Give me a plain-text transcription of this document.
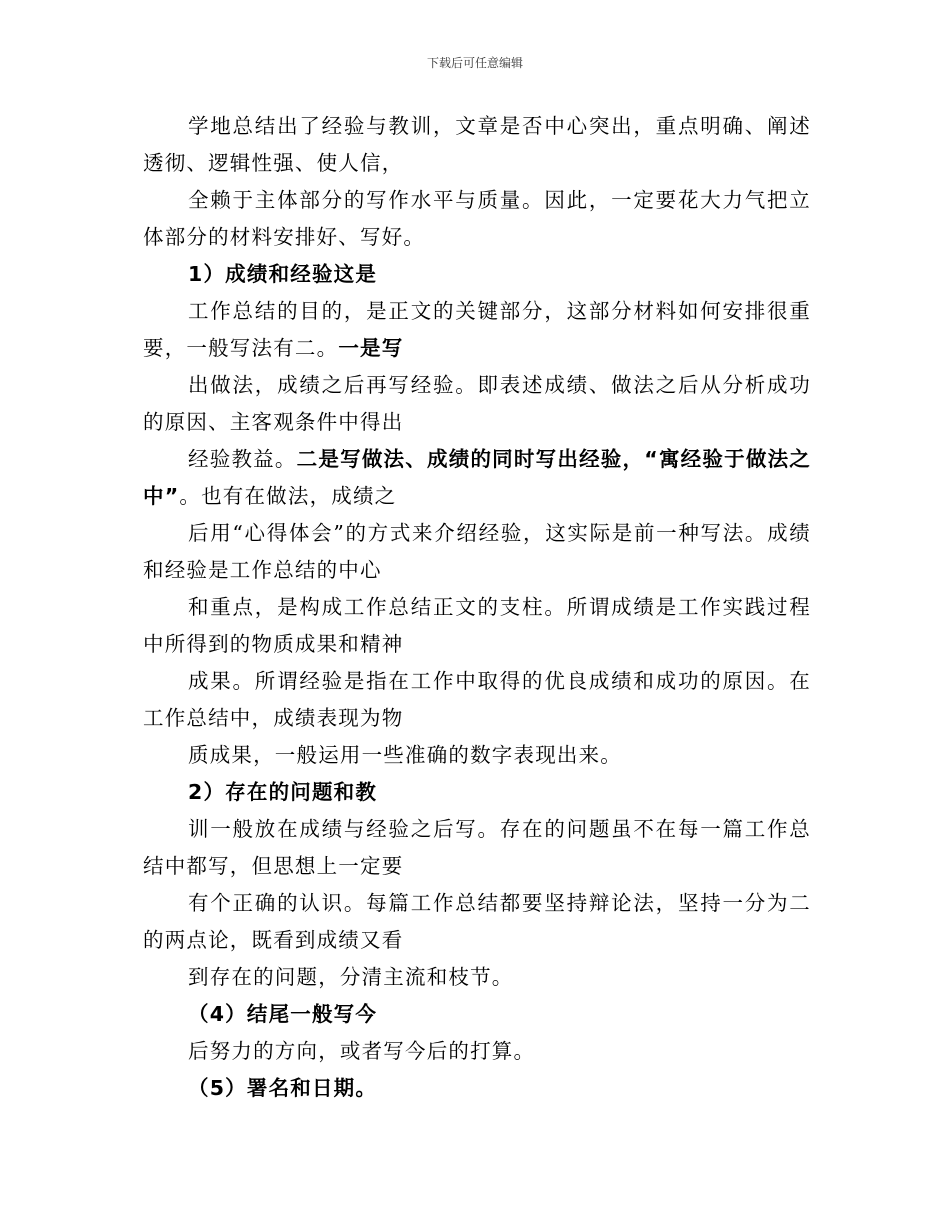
下载后可任意编辑

学地总结出了经验与教训，文章是否中心突出，重点明确、阐述透彻、逻辑性强、使人信，

全赖于主体部分的写作水平与质量。因此，一定要花大力气把立体部分的材料安排好、写好。

1）成绩和经验这是

工作总结的目的，是正文的关键部分，这部分材料如何安排很重要，一般写法有二。一是写

出做法，成绩之后再写经验。即表述成绩、做法之后从分析成功的原因、主客观条件中得出

经验教益。二是写做法、成绩的同时写出经验，“寓经验于做法之中”。也有在做法，成绩之

后用“心得体会”的方式来介绍经验，这实际是前一种写法。成绩和经验是工作总结的中心

和重点，是构成工作总结正文的支柱。所谓成绩是工作实践过程中所得到的物质成果和精神

成果。所谓经验是指在工作中取得的优良成绩和成功的原因。在工作总结中，成绩表现为物

质成果，一般运用一些准确的数字表现出来。

2）存在的问题和教

训一般放在成绩与经验之后写。存在的问题虽不在每一篇工作总结中都写，但思想上一定要

有个正确的认识。每篇工作总结都要坚持辩论法，坚持一分为二的两点论，既看到成绩又看

到存在的问题，分清主流和枝节。

（4）结尾一般写今

后努力的方向，或者写今后的打算。

（5）署名和日期。
